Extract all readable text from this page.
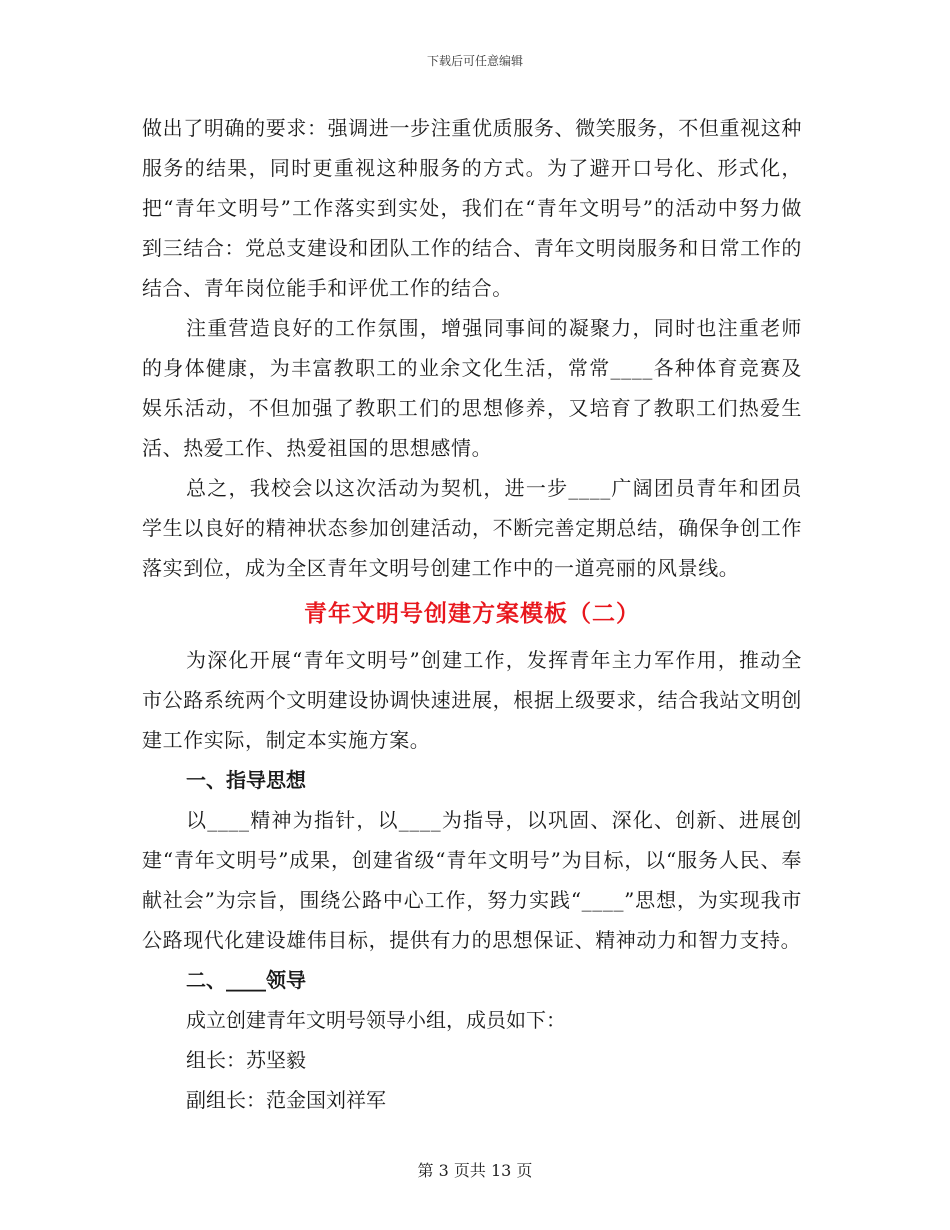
下载后可任意编辑

做出了明确的要求：强调进一步注重优质服务、微笑服务，不但重视这种服务的结果，同时更重视这种服务的方式。为了避开口号化、形式化，把“青年文明号”工作落实到实处，我们在“青年文明号”的活动中努力做到三结合：党总支建设和团队工作的结合、青年文明岗服务和日常工作的结合、青年岗位能手和评优工作的结合。

注重营造良好的工作氛围，增强同事间的凝聚力，同时也注重老师的身体健康，为丰富教职工的业余文化生活，常常____各种体育竞赛及娱乐活动，不但加强了教职工们的思想修养，又培育了教职工们热爱生活、热爱工作、热爱祖国的思想感情。

总之，我校会以这次活动为契机，进一步____广阔团员青年和团员学生以良好的精神状态参加创建活动，不断完善定期总结，确保争创工作落实到位，成为全区青年文明号创建工作中的一道亮丽的风景线。

青年文明号创建方案模板（二）

为深化开展“青年文明号”创建工作，发挥青年主力军作用，推动全市公路系统两个文明建设协调快速进展，根据上级要求，结合我站文明创建工作实际，制定本实施方案。

一、指导思想

以____精神为指针，以____为指导，以巩固、深化、创新、进展创建“青年文明号”成果，创建省级“青年文明号”为目标，以“服务人民、奉献社会”为宗旨，围绕公路中心工作，努力实践“____”思想，为实现我市公路现代化建设雄伟目标，提供有力的思想保证、精神动力和智力支持。

二、____领导

成立创建青年文明号领导小组，成员如下：

组长：苏坚毅

副组长：范金国刘祥军

第 3 页共 13 页
